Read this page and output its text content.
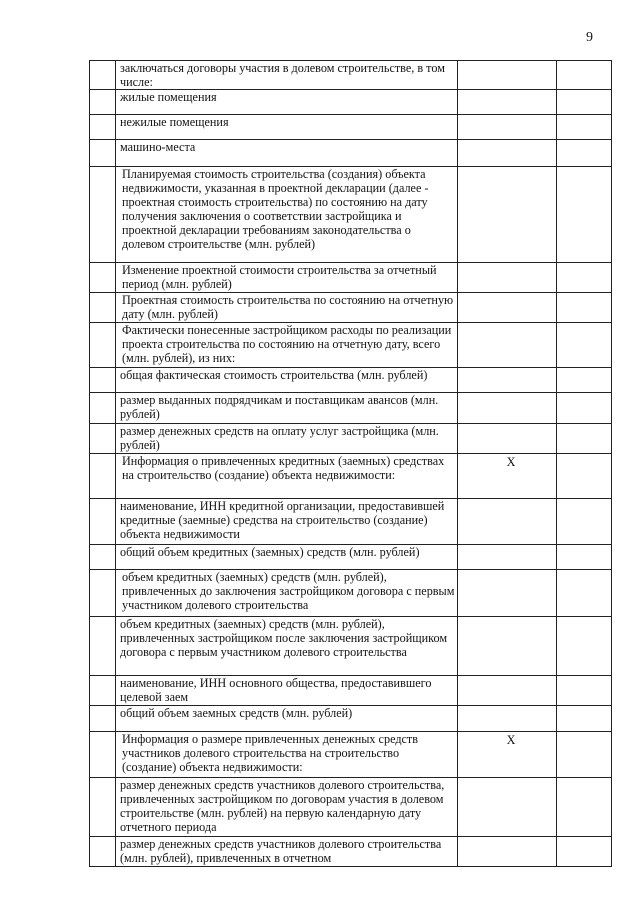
9
	заключаться договоры участия в долевом строительстве, в том числе:	

	жилые помещения	

	нежилые помещения	

	машино-места	

	Планируемая стоимость строительства (создания) объекта недвижимости, указанная в проектной декларации (далее - проектная стоимость строительства) по состоянию на дату получения заключения о соответствии застройщика и проектной декларации требованиям законодательства о долевом строительстве (млн. рублей)	

	Изменение проектной стоимости строительства за отчетный период (млн. рублей)	

	Проектная стоимость строительства по состоянию на отчетную дату (млн. рублей)	

	Фактически понесенные застройщиком расходы по реализации проекта строительства по состоянию на отчетную дату, всего (млн. рублей), из них:	

	общая фактическая стоимость строительства (млн. рублей)	

	размер выданных подрядчикам и поставщикам авансов (млн. рублей)	

	размер денежных средств на оплату услуг застройщика (млн. рублей)	

	Информация о привлеченных кредитных (заемных) средствах на строительство (создание) объекта недвижимости:	X	

	наименование, ИНН кредитной организации, предоставившей кредитные (заемные) средства на строительство (создание) объекта недвижимости	

	общий объем кредитных (заемных) средств (млн. рублей)	

	объем кредитных (заемных) средств (млн. рублей), привлеченных до заключения застройщиком договора с первым участником долевого строительства	

	объем кредитных (заемных) средств (млн. рублей), привлеченных застройщиком после заключения застройщиком договора с первым участником долевого строительства	

	наименование, ИНН основного общества, предоставившего целевой заем	

	общий объем заемных средств (млн. рублей)	

	Информация о размере привлеченных денежных средств участников долевого строительства на строительство (создание) объекта недвижимости:	X	

	размер денежных средств участников долевого строительства, привлеченных застройщиком по договорам участия в долевом строительстве (млн. рублей) на первую календарную дату отчетного периода	

	размер денежных средств участников долевого строительства (млн. рублей), привлеченных в отчетном	
